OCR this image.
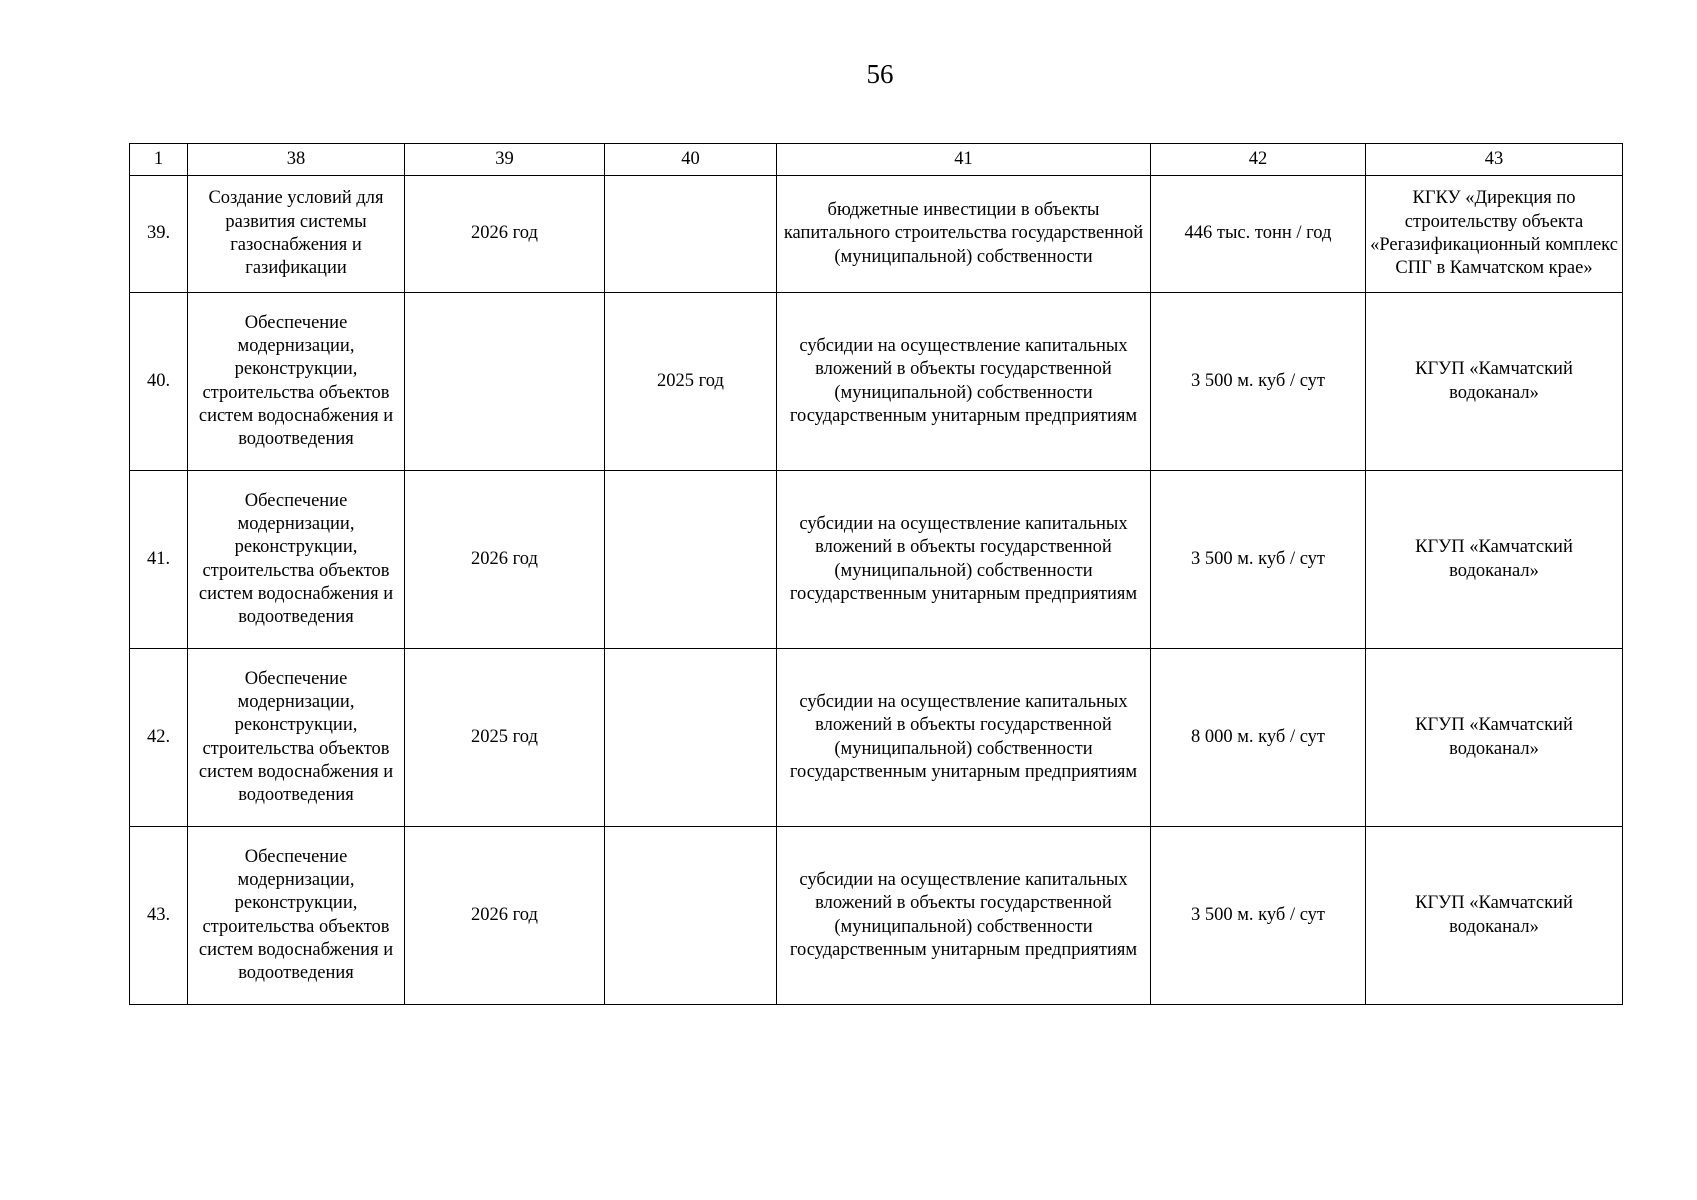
56
1	38	39	40	41	42	43
39.	Создание условий для развития системы газоснабжения и газификации	2026 год		бюджетные инвестиции в объекты капитального строительства государственной (муниципальной) собственности	446 тыс. тонн / год	КГКУ «Дирекция по строительству объекта «Регазификационный комплекс СПГ в Камчатском крае»
40.	Обеспечение модернизации, реконструкции, строительства объектов систем водоснабжения и водоотведения		2025 год	субсидии на осуществление капитальных вложений в объекты государственной (муниципальной) собственности государственным унитарным предприятиям	3 500 м. куб / сут	КГУП «Камчатский водоканал»
41.	Обеспечение модернизации, реконструкции, строительства объектов систем водоснабжения и водоотведения	2026 год		субсидии на осуществление капитальных вложений в объекты государственной (муниципальной) собственности государственным унитарным предприятиям	3 500 м. куб / сут	КГУП «Камчатский водоканал»
42.	Обеспечение модернизации, реконструкции, строительства объектов систем водоснабжения и водоотведения	2025 год		субсидии на осуществление капитальных вложений в объекты государственной (муниципальной) собственности государственным унитарным предприятиям	8 000 м. куб / сут	КГУП «Камчатский водоканал»
43.	Обеспечение модернизации, реконструкции, строительства объектов систем водоснабжения и водоотведения	2026 год		субсидии на осуществление капитальных вложений в объекты государственной (муниципальной) собственности государственным унитарным предприятиям	3 500 м. куб / сут	КГУП «Камчатский водоканал»
